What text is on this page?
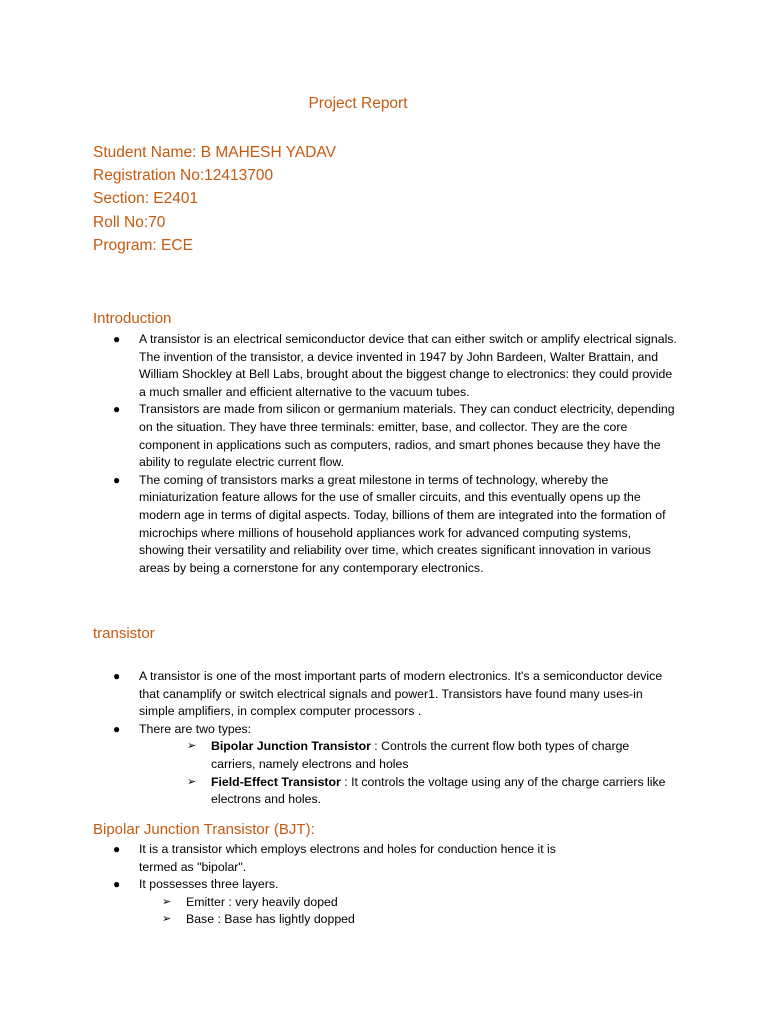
Project Report
Student Name: B MAHESH YADAV
Registration No:12413700
Section: E2401
Roll No:70
Program: ECE
Introduction
●	A transistor is an electrical semiconductor device that can either switch or amplify electrical signals. The invention of the transistor, a device invented in 1947 by John Bardeen, Walter Brattain, and William Shockley at Bell Labs, brought about the biggest change to electronics: they could provide a much smaller and efficient alternative to the vacuum tubes.
●	Transistors are made from silicon or germanium materials. They can conduct electricity, depending on the situation. They have three terminals: emitter, base, and collector. They are the core component in applications such as computers, radios, and smart phones because they have the ability to regulate electric current flow.
●	The coming of transistors marks a great milestone in terms of technology, whereby the miniaturization feature allows for the use of smaller circuits, and this eventually opens up the modern age in terms of digital aspects. Today, billions of them are integrated into the formation of microchips where millions of household appliances work for advanced computing systems, showing their versatility and reliability over time, which creates significant innovation in various areas by being a cornerstone for any contemporary electronics.
transistor
●	A transistor is one of the most important parts of modern electronics. It's a semiconductor device that canamplify or switch electrical signals and power1. Transistors have found many uses-in simple amplifiers, in complex computer processors .
●	There are two types:
➢ Bipolar Junction Transistor : Controls the current flow both types of charge carriers, namely electrons and holes
➢ Field-Effect Transistor : It controls the voltage using any of the charge carriers like electrons and holes.
Bipolar Junction Transistor (BJT):
●	It is a transistor which employs electrons and holes for conduction hence it is termed as "bipolar".
●	It possesses three layers.
➢ Emitter : very heavily doped
➢ Base : Base has lightly dopped
